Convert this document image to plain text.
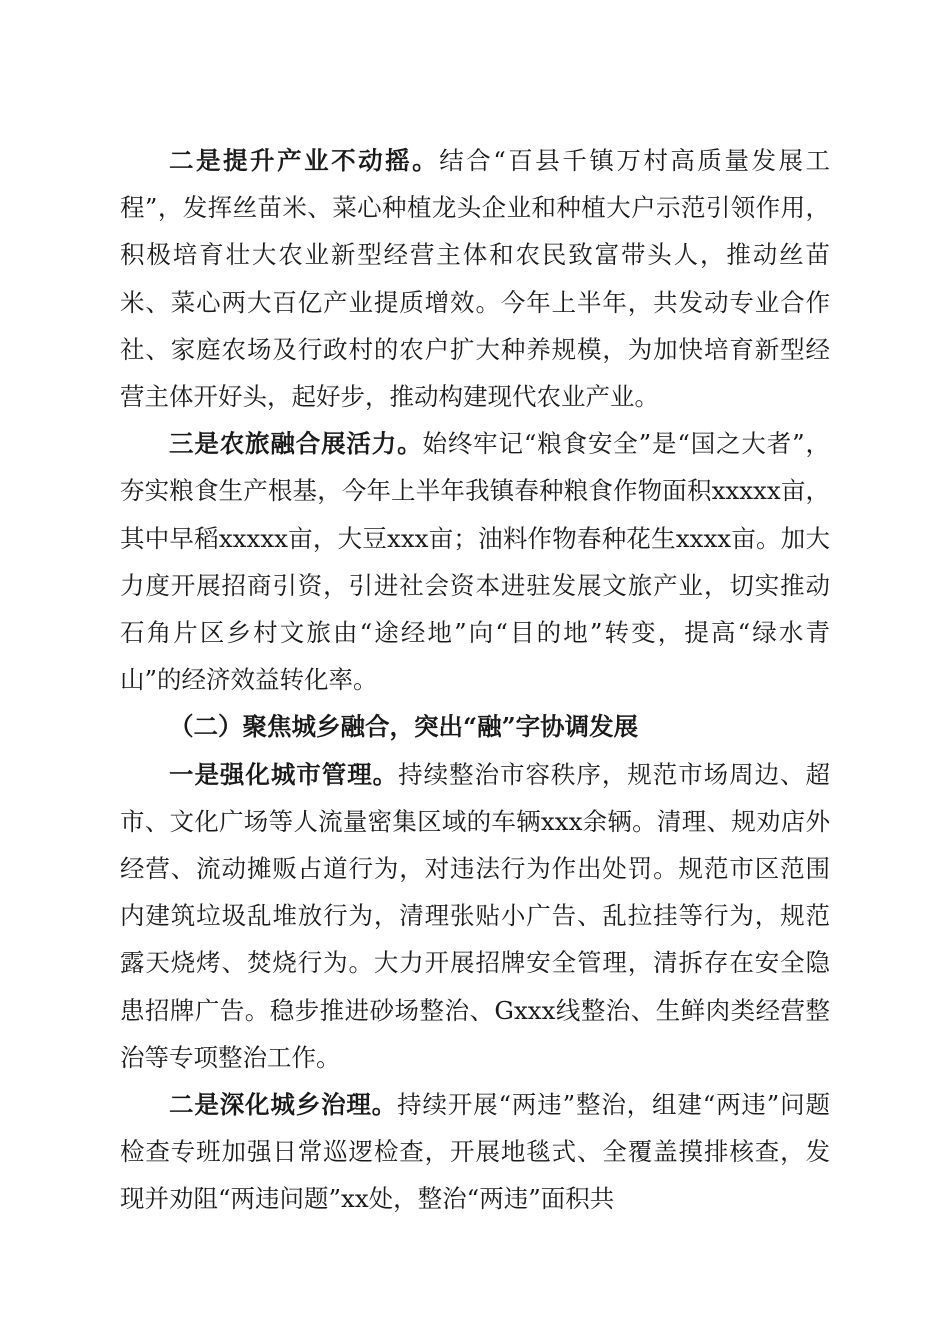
二是提升产业不动摇。结合“百县千镇万村高质量发展工程”，发挥丝苗米、菜心种植龙头企业和种植大户示范引领作用，积极培育壮大农业新型经营主体和农民致富带头人，推动丝苗米、菜心两大百亿产业提质增效。今年上半年，共发动专业合作社、家庭农场及行政村的农户扩大种养规模，为加快培育新型经营主体开好头，起好步，推动构建现代农业产业。

三是农旅融合展活力。始终牢记“粮食安全”是“国之大者”，夯实粮食生产根基，今年上半年我镇春种粮食作物面积xxxxx亩，其中早稻xxxxx亩，大豆xxx亩；油料作物春种花生xxxx亩。加大力度开展招商引资，引进社会资本进驻发展文旅产业，切实推动石角片区乡村文旅由“途经地”向“目的地”转变，提高“绿水青山”的经济效益转化率。

（二）聚焦城乡融合，突出“融”字协调发展

一是强化城市管理。持续整治市容秩序，规范市场周边、超市、文化广场等人流量密集区域的车辆xxx余辆。清理、规劝店外经营、流动摊贩占道行为，对违法行为作出处罚。规范市区范围内建筑垃圾乱堆放行为，清理张贴小广告、乱拉挂等行为，规范露天烧烤、焚烧行为。大力开展招牌安全管理，清拆存在安全隐患招牌广告。稳步推进砂场整治、Gxxx线整治、生鲜肉类经营整治等专项整治工作。

二是深化城乡治理。持续开展“两违”整治，组建“两违”问题检查专班加强日常巡逻检查，开展地毯式、全覆盖摸排核查，发现并劝阻“两违问题”xx处，整治“两违”面积共
